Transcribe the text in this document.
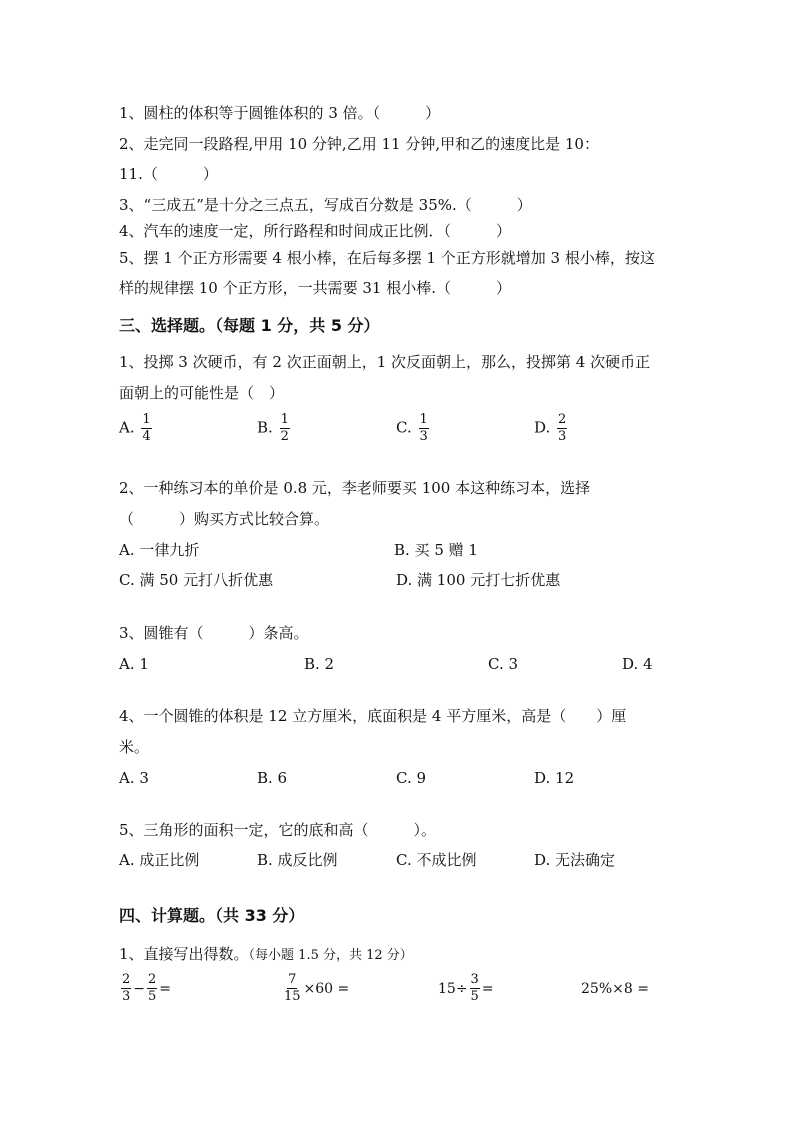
1、圆柱的体积等于圆锥体积的 3 倍。（　　　）
2、走完同一段路程,甲用 10 分钟,乙用 11 分钟,甲和乙的速度比是 10：
11.（　　　）
3、“三成五”是十分之三点五，写成百分数是 35%.（　　　）
4、汽车的速度一定，所行路程和时间成正比例．（　　　）
5、摆 1 个正方形需要 4 根小棒，在后每多摆 1 个正方形就增加 3 根小棒，按这
样的规律摆 10 个正方形，一共需要 31 根小棒.（　　　）
三、选择题。（每题 1 分，共 5 分）
1、投掷 3 次硬币，有 2 次正面朝上，1 次反面朝上，那么，投掷第 4 次硬币正
面朝上的可能性是（　）
A. $\frac{1}{4}$	B. $\frac{1}{2}$	C. $\frac{1}{3}$	D. $\frac{2}{3}$
2、一种练习本的单价是 0.8 元，李老师要买 100 本这种练习本，选择
（　　　）购买方式比较合算。
A. 一律九折	B. 买 5 赠 1
C. 满 50 元打八折优惠	D. 满 100 元打七折优惠
3、圆锥有（　　　）条高。
A. 1	B. 2	C. 3	D. 4
4、一个圆锥的体积是 12 立方厘米，底面积是 4 平方厘米，高是（　　）厘
米。
A. 3	B. 6	C. 9	D. 12
5、三角形的面积一定，它的底和高（　　　）。
A. 成正比例	B. 成反比例	C. 不成比例	D. 无法确定
四、计算题。（共 33 分）
1、直接写出得数。（每小题 1.5 分，共 12 分）
$\frac{2}{3} - \frac{2}{5}$ =	$\frac{7}{15} \times 60$ =	$15\div \frac{3}{5}$ =	25%×8 =
